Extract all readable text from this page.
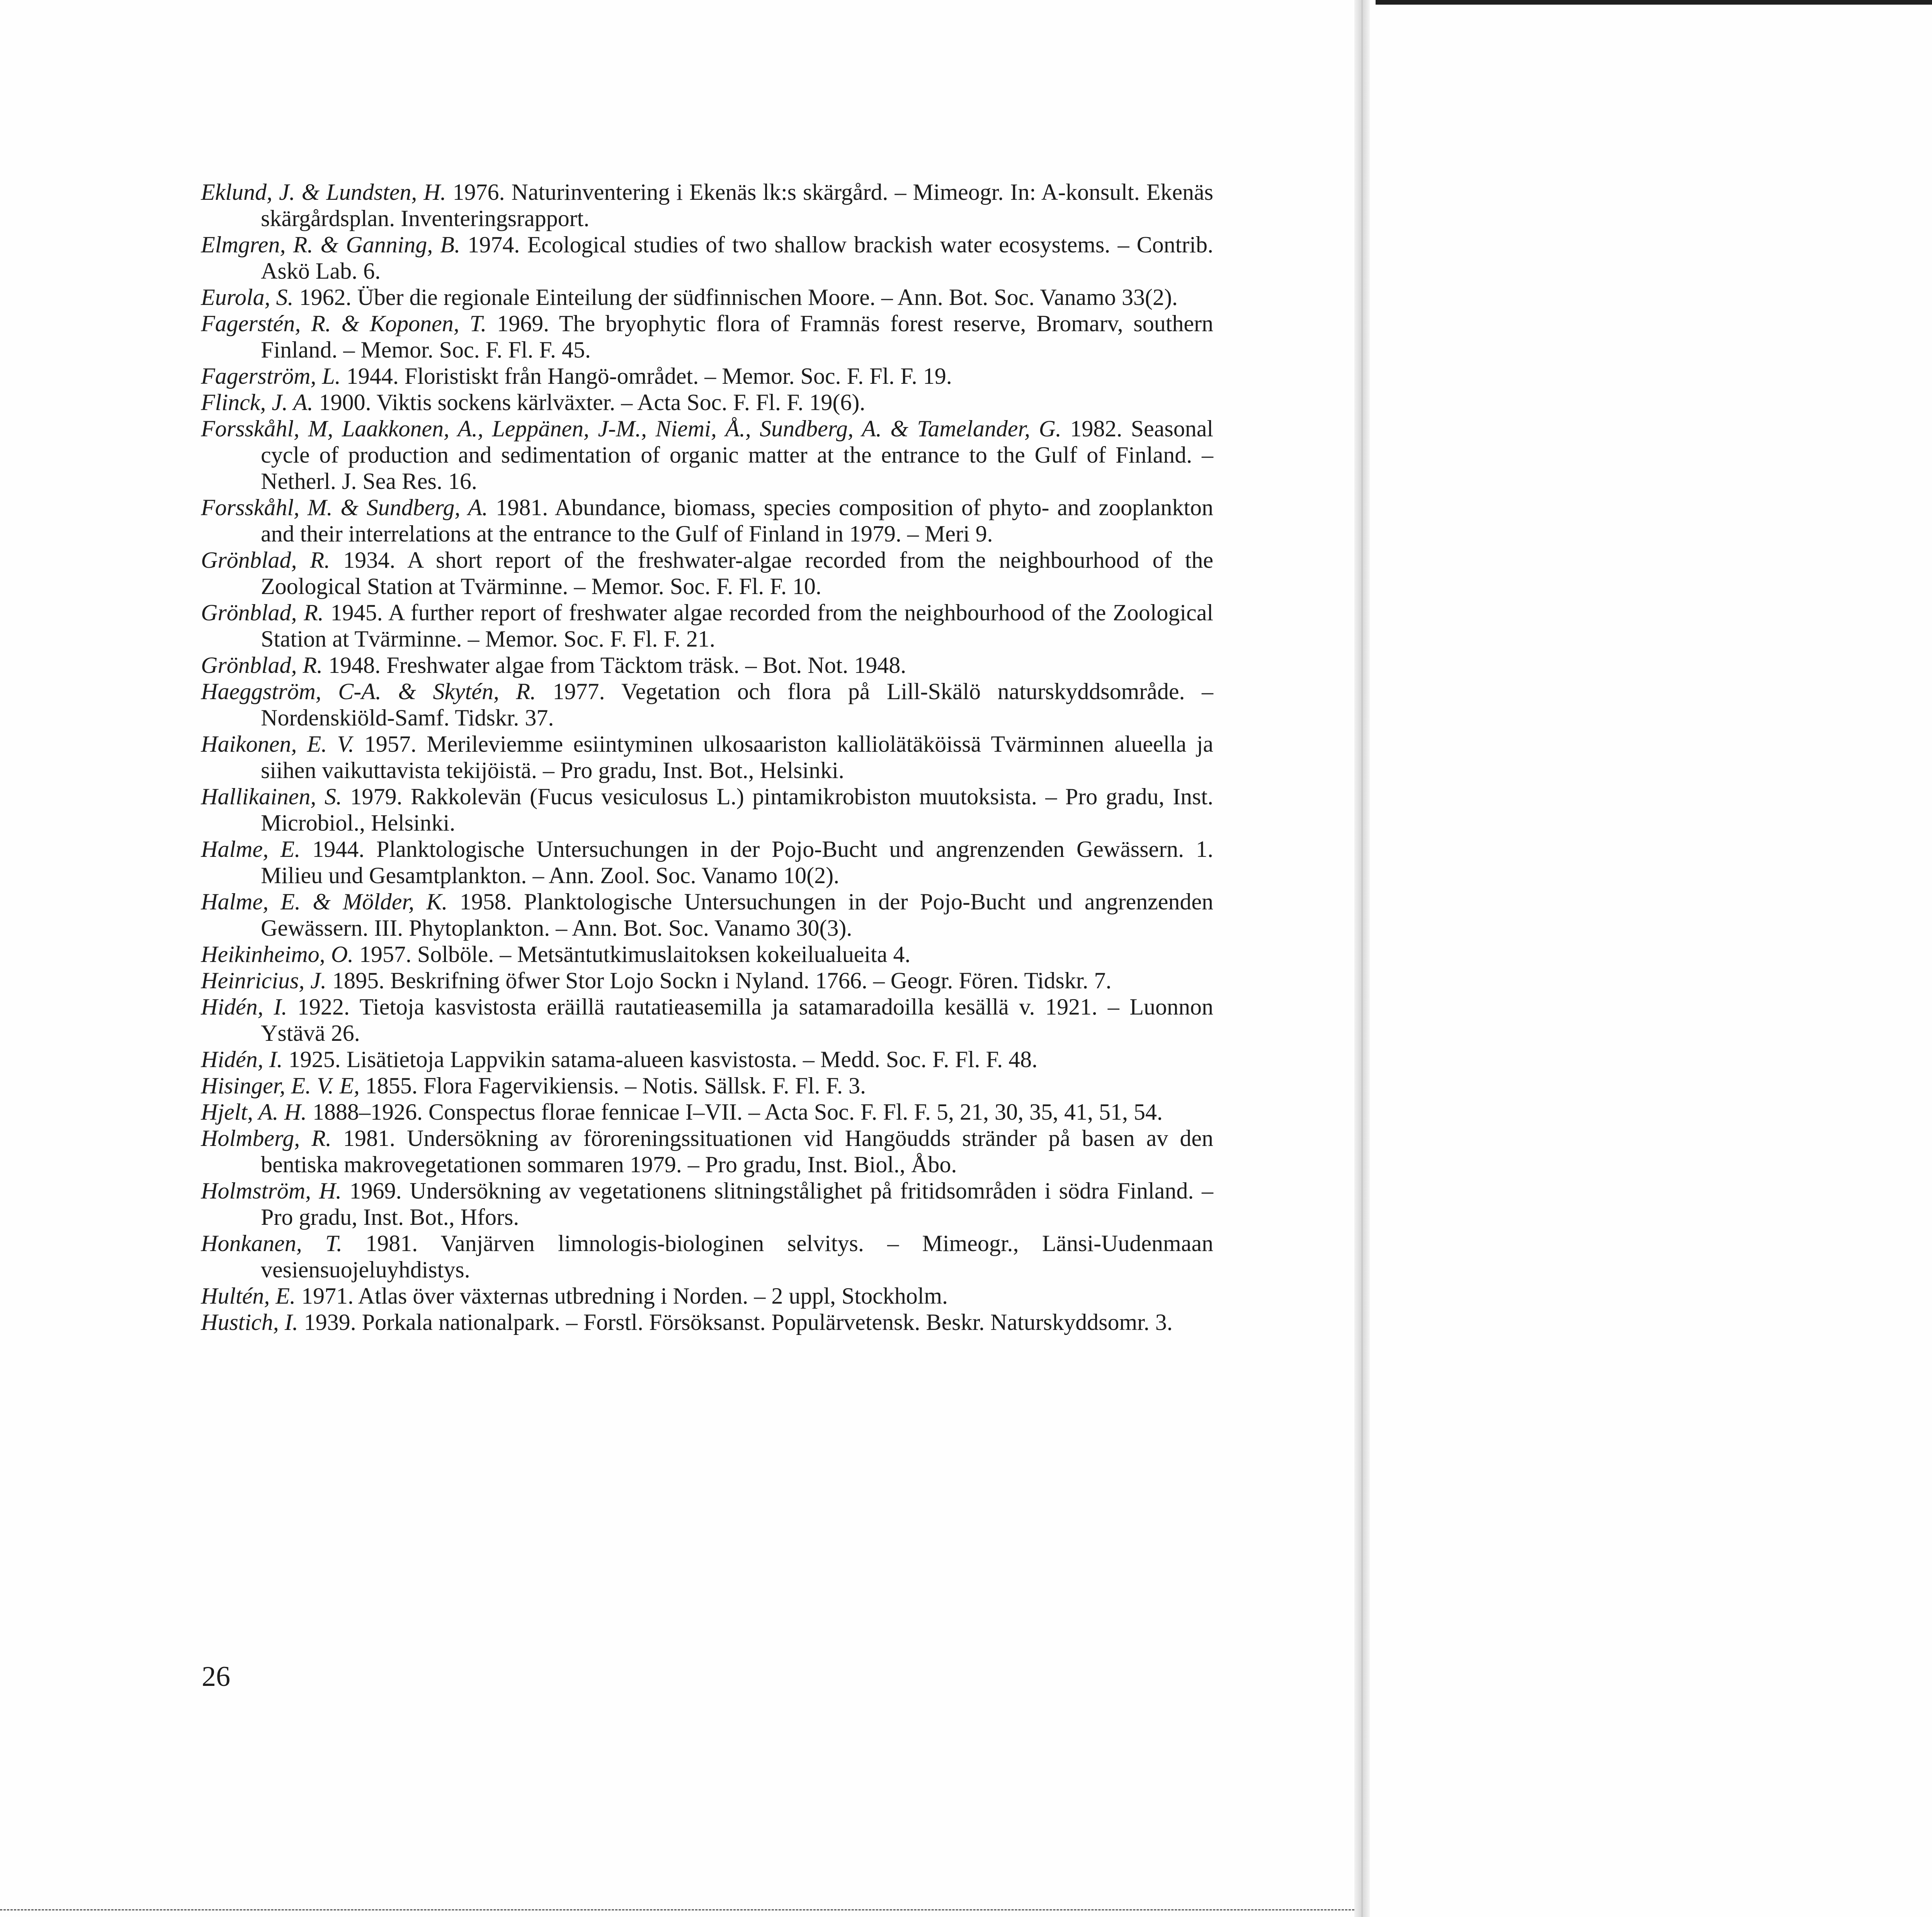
Eklund, J. & Lundsten, H. 1976. Naturinventering i Ekenäs lk:s skärgård. – Mimeogr. In: A-konsult. Ekenäs skärgårdsplan. Inventeringsrapport.

Elmgren, R. & Ganning, B. 1974. Ecological studies of two shallow brackish water ecosystems. – Contrib. Askö Lab. 6.

Eurola, S. 1962. Über die regionale Einteilung der südfinnischen Moore. – Ann. Bot. Soc. Vanamo 33(2).

Fagerstén, R. & Koponen, T. 1969. The bryophytic flora of Framnäs forest reserve, Bromarv, southern Finland. – Memor. Soc. F. Fl. F. 45.

Fagerström, L. 1944. Floristiskt från Hangö-området. – Memor. Soc. F. Fl. F. 19.

Flinck, J. A. 1900. Viktis sockens kärlväxter. – Acta Soc. F. Fl. F. 19(6).

Forsskåhl, M, Laakkonen, A., Leppänen, J-M., Niemi, Å., Sundberg, A. & Tamelander, G. 1982. Seasonal cycle of production and sedimentation of organic matter at the entrance to the Gulf of Finland. – Netherl. J. Sea Res. 16.

Forsskåhl, M. & Sundberg, A. 1981. Abundance, biomass, species composition of phyto- and zooplankton and their interrelations at the entrance to the Gulf of Finland in 1979. – Meri 9.

Grönblad, R. 1934. A short report of the freshwater-algae recorded from the neighbourhood of the Zoological Station at Tvärminne. – Memor. Soc. F. Fl. F. 10.

Grönblad, R. 1945. A further report of freshwater algae recorded from the neighbourhood of the Zoological Station at Tvärminne. – Memor. Soc. F. Fl. F. 21.

Grönblad, R. 1948. Freshwater algae from Täcktom träsk. – Bot. Not. 1948.

Haeggström, C-A. & Skytén, R. 1977. Vegetation och flora på Lill-Skälö naturskyddsområde. – Nordenskiöld-Samf. Tidskr. 37.

Haikonen, E. V. 1957. Merileviemme esiintyminen ulkosaariston kalliolätäköissä Tvärminnen alueella ja siihen vaikuttavista tekijöistä. – Pro gradu, Inst. Bot., Helsinki.

Hallikainen, S. 1979. Rakkolevän (Fucus vesiculosus L.) pintamikrobiston muutoksista. – Pro gradu, Inst. Microbiol., Helsinki.

Halme, E. 1944. Planktologische Untersuchungen in der Pojo-Bucht und angrenzenden Gewässern. 1. Milieu und Gesamtplankton. – Ann. Zool. Soc. Vanamo 10(2).

Halme, E. & Mölder, K. 1958. Planktologische Untersuchungen in der Pojo-Bucht und angrenzenden Gewässern. III. Phytoplankton. – Ann. Bot. Soc. Vanamo 30(3).

Heikinheimo, O. 1957. Solböle. – Metsäntutkimuslaitoksen kokeilualueita 4.

Heinricius, J. 1895. Beskrifning öfwer Stor Lojo Sockn i Nyland. 1766. – Geogr. Fören. Tidskr. 7.

Hidén, I. 1922. Tietoja kasvistosta eräillä rautatieasemilla ja satamaradoilla kesällä v. 1921. – Luonnon Ystävä 26.

Hidén, I. 1925. Lisätietoja Lappvikin satama-alueen kasvistosta. – Medd. Soc. F. Fl. F. 48.

Hisinger, E. V. E, 1855. Flora Fagervikiensis. – Notis. Sällsk. F. Fl. F. 3.

Hjelt, A. H. 1888–1926. Conspectus florae fennicae I–VII. – Acta Soc. F. Fl. F. 5, 21, 30, 35, 41, 51, 54.

Holmberg, R. 1981. Undersökning av föroreningssituationen vid Hangöudds stränder på basen av den bentiska makrovegetationen sommaren 1979. – Pro gradu, Inst. Biol., Åbo.

Holmström, H. 1969. Undersökning av vegetationens slitningstålighet på fritidsområden i södra Finland. – Pro gradu, Inst. Bot., Hfors.

Honkanen, T. 1981. Vanjärven limnologis-biologinen selvitys. – Mimeogr., Länsi-Uudenmaan vesiensuojeluyhdistys.

Hultén, E. 1971. Atlas över växternas utbredning i Norden. – 2 uppl, Stockholm.

Hustich, I. 1939. Porkala nationalpark. – Forstl. Försöksanst. Populärvetensk. Beskr. Naturskyddsomr. 3.

26
